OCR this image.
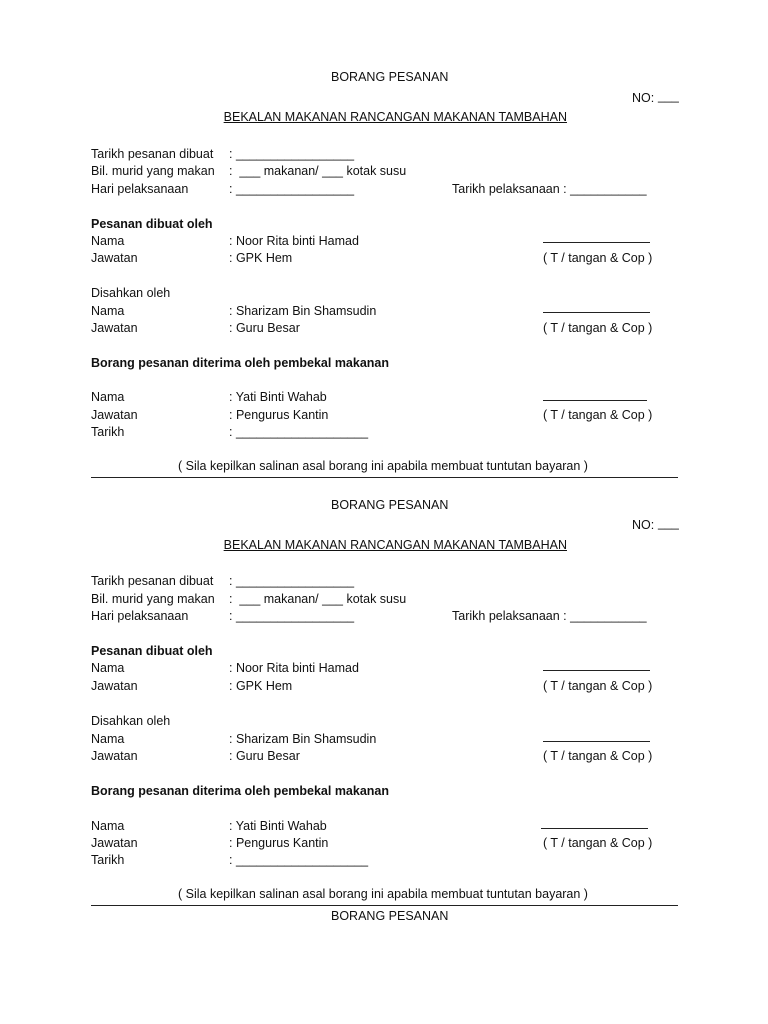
BORANG PESANAN
NO: ___
BEKALAN MAKANAN RANCANGAN MAKANAN TAMBAHAN
Tarikh pesanan dibuat : _________________
Bil. murid yang makan :  ___ makanan/ ___ kotak susu
Hari pelaksanaan	: _________________	Tarikh pelaksanaan : ___________
Pesanan dibuat oleh
Nama	: Noor Rita binti Hamad
Jawatan	: GPK Hem	( T / tangan & Cop )
Disahkan oleh
Nama	: Sharizam Bin Shamsudin
Jawatan	: Guru Besar	( T / tangan & Cop )
Borang pesanan diterima oleh pembekal makanan
Nama	: Yati Binti Wahab
Jawatan	: Pengurus Kantin	( T / tangan & Cop )
Tarikh	: ___________________
( Sila kepilkan salinan asal borang ini apabila membuat tuntutan bayaran )
BORANG PESANAN
NO: ___
BEKALAN MAKANAN RANCANGAN MAKANAN TAMBAHAN
Tarikh pesanan dibuat : _________________
Bil. murid yang makan :  ___ makanan/ ___ kotak susu
Hari pelaksanaan	: _________________	Tarikh pelaksanaan : ___________
Pesanan dibuat oleh
Nama	: Noor Rita binti Hamad
Jawatan	: GPK Hem	( T / tangan & Cop )
Disahkan oleh
Nama	: Sharizam Bin Shamsudin
Jawatan	: Guru Besar	( T / tangan & Cop )
Borang pesanan diterima oleh pembekal makanan
Nama	: Yati Binti Wahab
Jawatan	: Pengurus Kantin	( T / tangan & Cop )
Tarikh	: ___________________
( Sila kepilkan salinan asal borang ini apabila membuat tuntutan bayaran )
BORANG PESANAN
